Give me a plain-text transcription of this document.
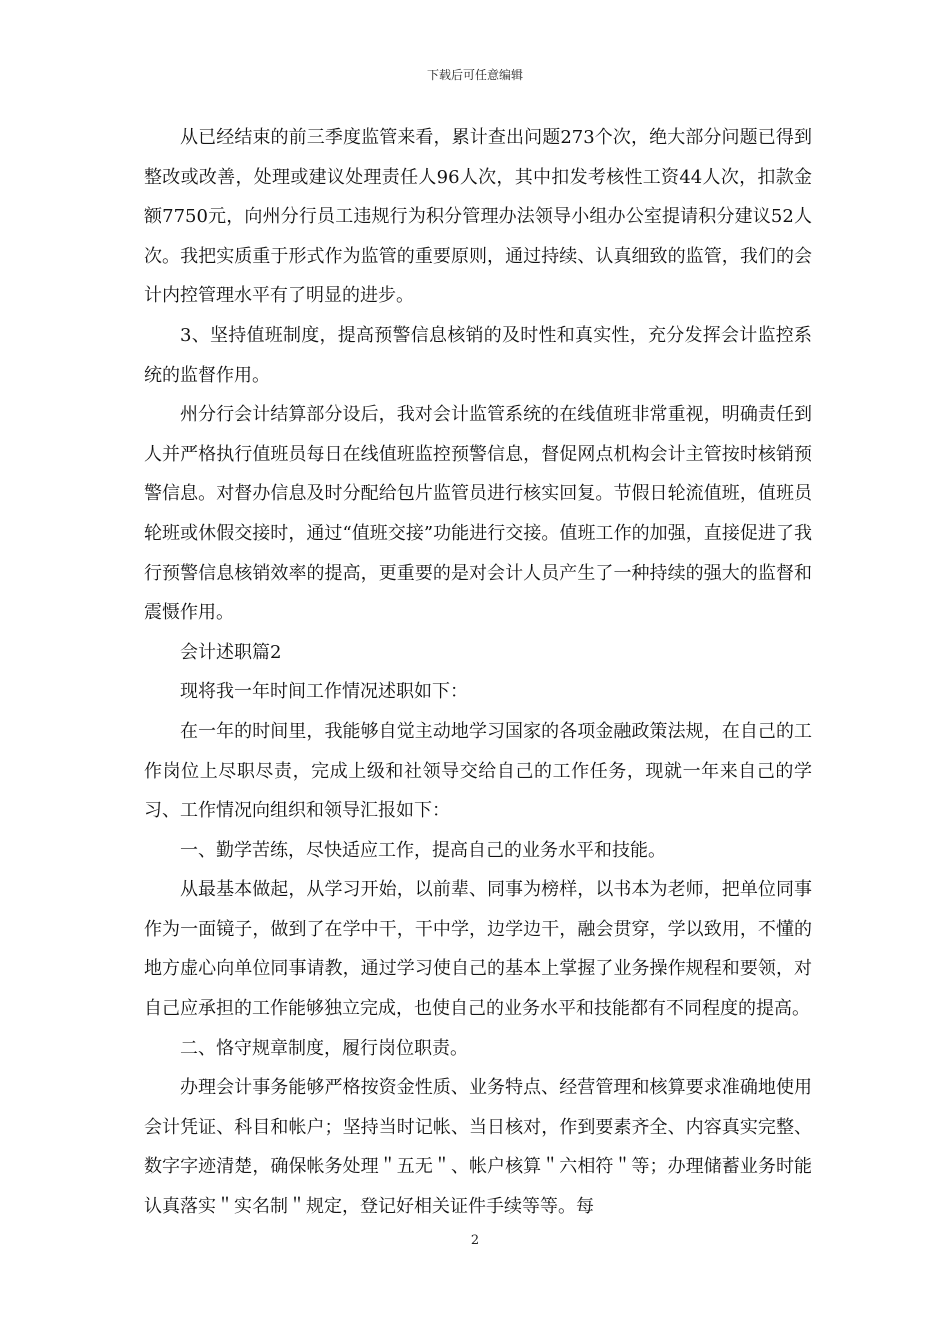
下载后可任意编辑

从已经结束的前三季度监管来看，累计查出问题273个次，绝大部分问题已得到整改或改善，处理或建议处理责任人96人次，其中扣发考核性工资44人次，扣款金额7750元，向州分行员工违规行为积分管理办法领导小组办公室提请积分建议52人次。我把实质重于形式作为监管的重要原则，通过持续、认真细致的监管，我们的会计内控管理水平有了明显的进步。

3、坚持值班制度，提高预警信息核销的及时性和真实性，充分发挥会计监控系统的监督作用。

州分行会计结算部分设后，我对会计监管系统的在线值班非常重视，明确责任到人并严格执行值班员每日在线值班监控预警信息，督促网点机构会计主管按时核销预警信息。对督办信息及时分配给包片监管员进行核实回复。节假日轮流值班，值班员轮班或休假交接时，通过“值班交接”功能进行交接。值班工作的加强，直接促进了我行预警信息核销效率的提高，更重要的是对会计人员产生了一种持续的强大的监督和震慑作用。

会计述职篇2

现将我一年时间工作情况述职如下：

在一年的时间里，我能够自觉主动地学习国家的各项金融政策法规，在自己的工作岗位上尽职尽责，完成上级和社领导交给自己的工作任务，现就一年来自己的学习、工作情况向组织和领导汇报如下：

一、勤学苦练，尽快适应工作，提高自己的业务水平和技能。

从最基本做起，从学习开始，以前辈、同事为榜样，以书本为老师，把单位同事作为一面镜子，做到了在学中干，干中学，边学边干，融会贯穿，学以致用，不懂的地方虚心向单位同事请教，通过学习使自己的基本上掌握了业务操作规程和要领，对自己应承担的工作能够独立完成，也使自己的业务水平和技能都有不同程度的提高。

二、恪守规章制度，履行岗位职责。

办理会计事务能够严格按资金性质、业务特点、经营管理和核算要求准确地使用会计凭证、科目和帐户；坚持当时记帐、当日核对，作到要素齐全、内容真实完整、数字字迹清楚，确保帐务处理＂五无＂、帐户核算＂六相符＂等；办理储蓄业务时能认真落实＂实名制＂规定，登记好相关证件手续等等。每

2
